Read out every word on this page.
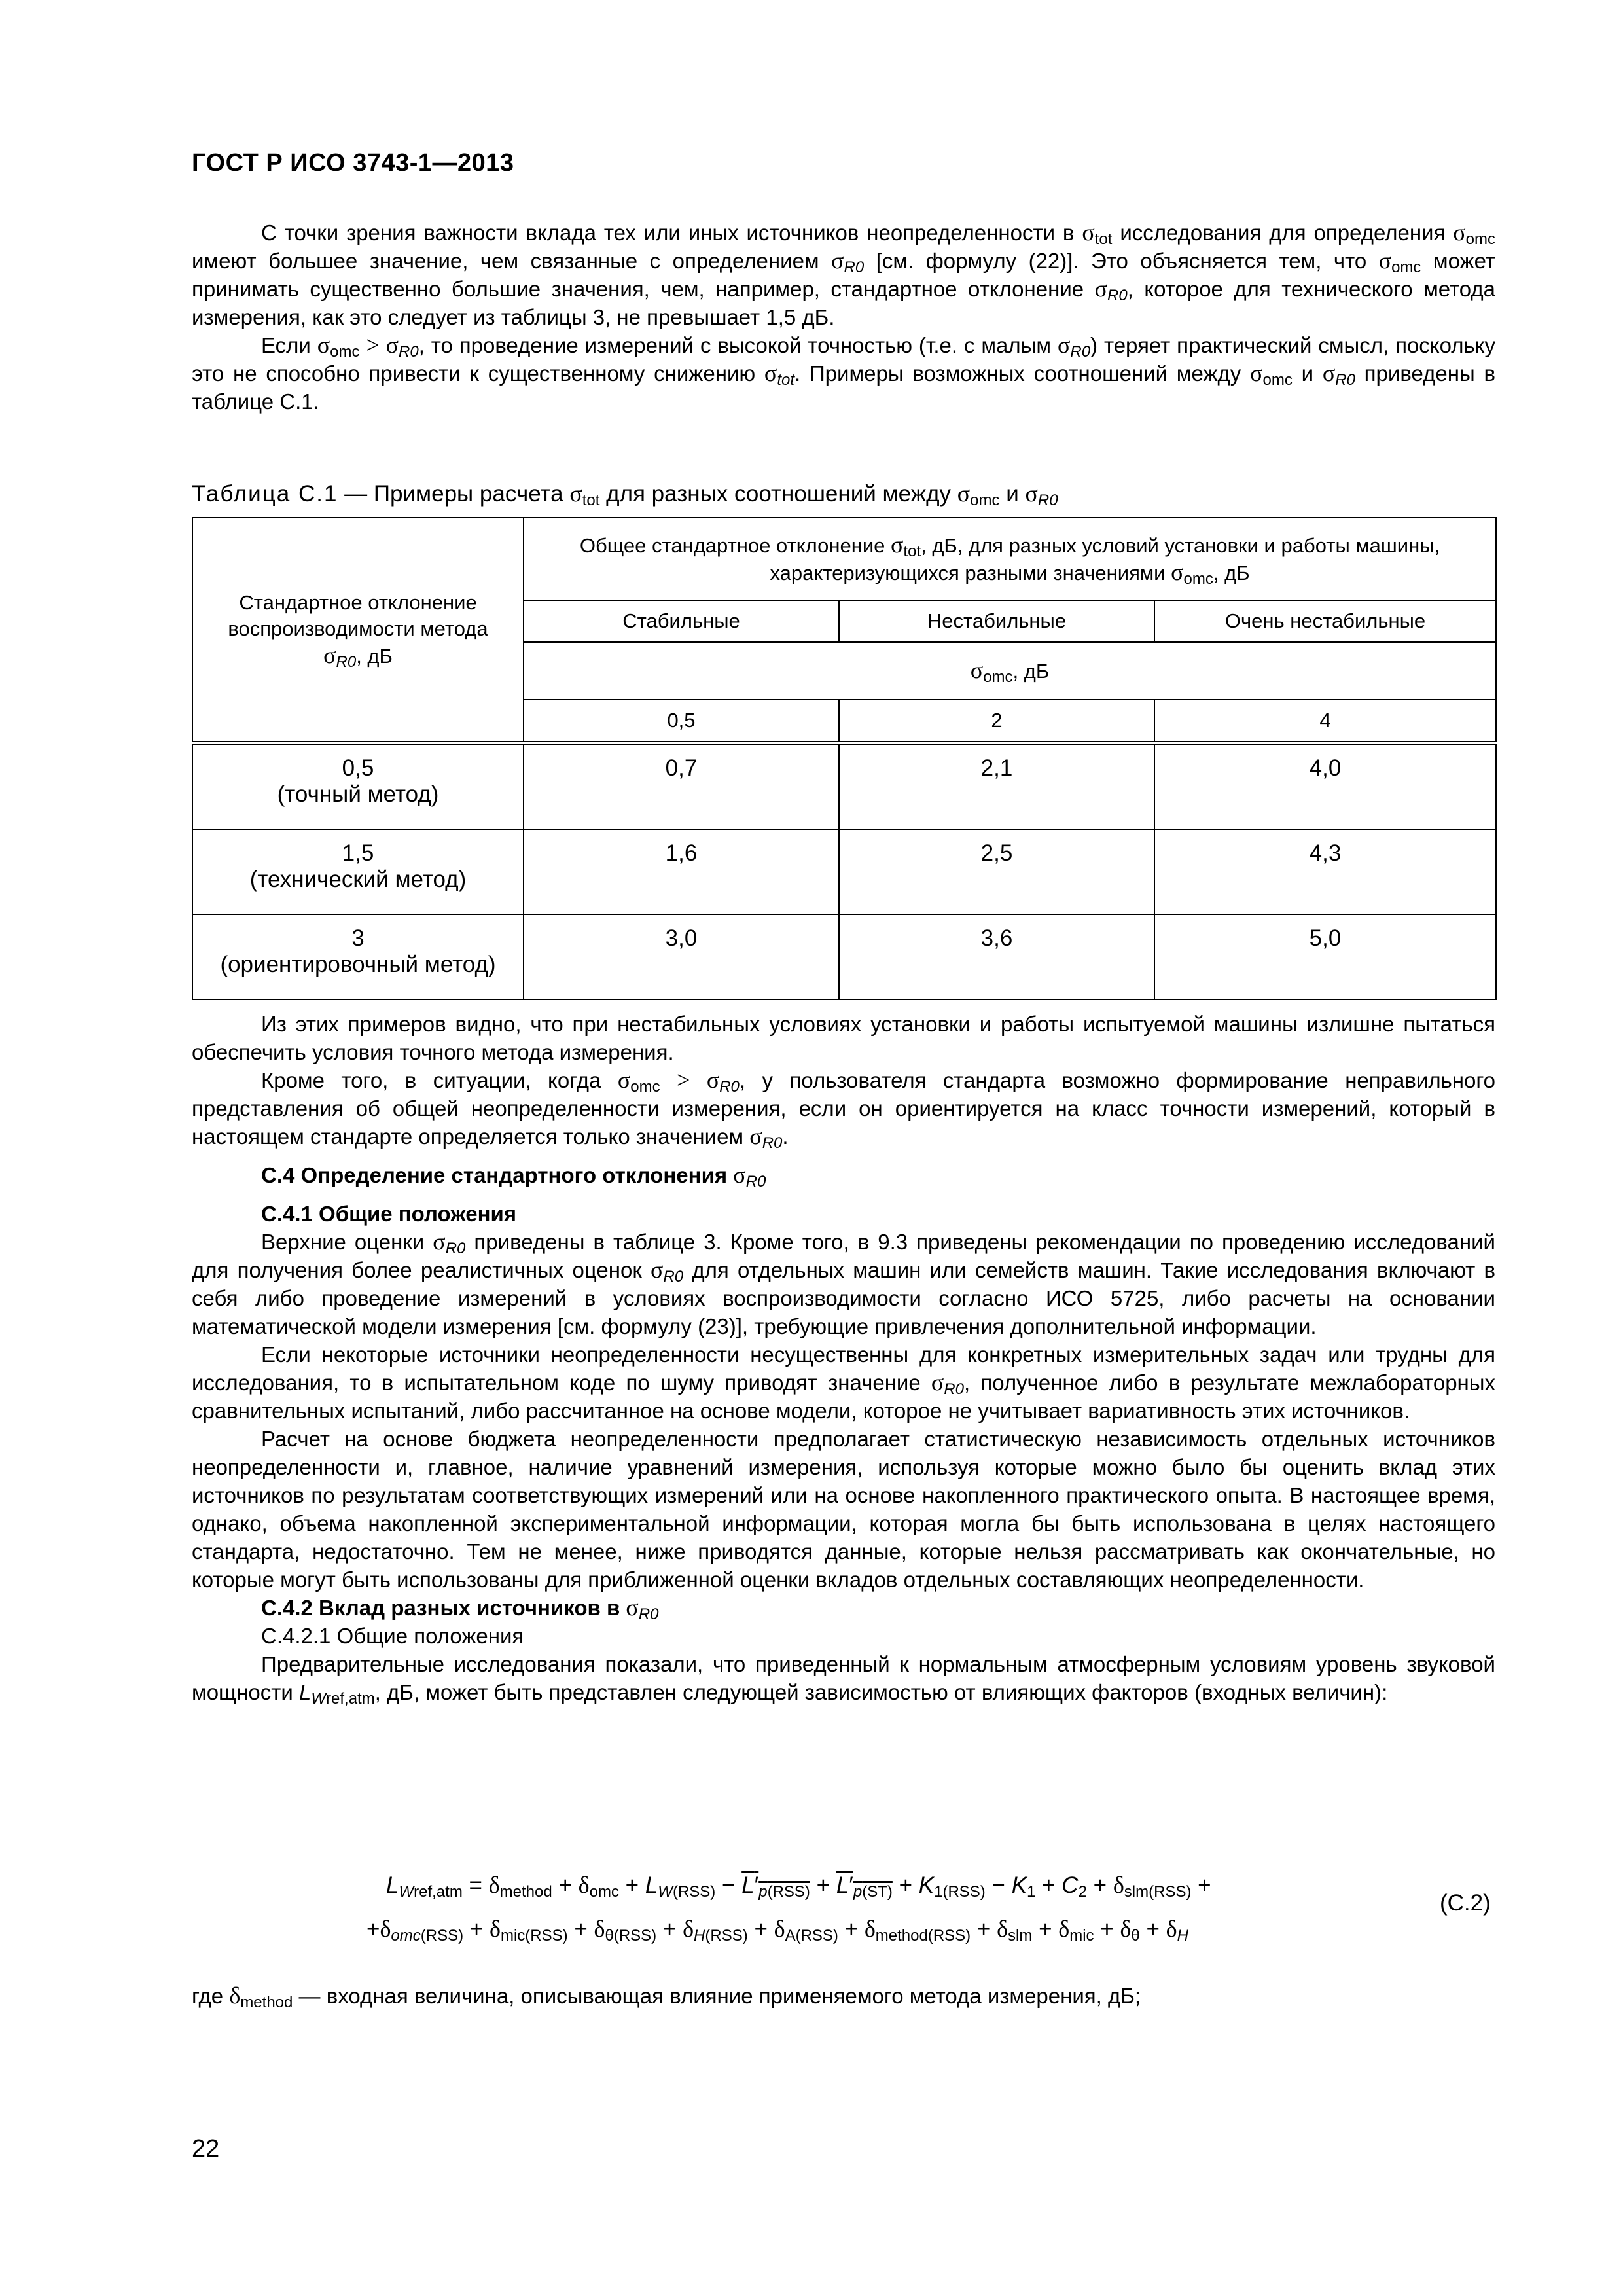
ГОСТ Р ИСО 3743-1—2013

С точки зрения важности вклада тех или иных источников неопределенности в $\sigma_{tot}$ исследования для определения $\sigma_{omc}$ имеют большее значение, чем связанные с определением $\sigma_{R0}$ [см. формулу (22)]. Это объясняется тем, что $\sigma_{omc}$ может принимать существенно большие значения, чем, например, стандартное отклонение $\sigma_{R0}$, которое для технического метода измерения, как это следует из таблицы 3, не превышает 1,5 дБ.

Если $\sigma_{omc} > \sigma_{R0}$, то проведение измерений с высокой точностью (т.е. с малым $\sigma_{R0}$) теряет практический смысл, поскольку это не способно привести к существенному снижению $\sigma_{tot}$. Примеры возможных соотношений между $\sigma_{omc}$ и $\sigma_{R0}$ приведены в таблице С.1.

Таблица С.1 — Примеры расчета $\sigma_{tot}$ для разных соотношений между $\sigma_{omc}$ и $\sigma_{R0}$
Стандартное отклонение воспроизводимости метода
$\sigma_{R0}$, дБ	Общее стандартное отклонение $\sigma_{tot}$, дБ, для разных условий установки и работы машины, характеризующихся разными значениями $\sigma_{omc}$, дБ		
	Стабильные	Нестабильные	Очень нестабильные
	$\sigma_{omc}$, дБ		
	0,5	2	4
0,5
(точный метод)	0,7	2,1	4,0
1,5
(технический метод)	1,6	2,5	4,3
3
(ориентировочный метод)	3,0	3,6	5,0

Из этих примеров видно, что при нестабильных условиях установки и работы испытуемой машины излишне пытаться обеспечить условия точного метода измерения.

Кроме того, в ситуации, когда $\sigma_{omc} > \sigma_{R0}$, у пользователя стандарта возможно формирование неправильного представления об общей неопределенности измерения, если он ориентируется на класс точности измерений, который в настоящем стандарте определяется только значением $\sigma_{R0}$.

С.4 Определение стандартного отклонения $\sigma_{R0}$

С.4.1 Общие положения

Верхние оценки $\sigma_{R0}$ приведены в таблице 3. Кроме того, в 9.3 приведены рекомендации по проведению исследований для получения более реалистичных оценок $\sigma_{R0}$ для отдельных машин или семейств машин. Такие исследования включают в себя либо проведение измерений в условиях воспроизводимости согласно ИСО 5725, либо расчеты на основании математической модели измерения [см. формулу (23)], требующие привлечения дополнительной информации.

Если некоторые источники неопределенности несущественны для конкретных измерительных задач или трудны для исследования, то в испытательном коде по шуму приводят значение $\sigma_{R0}$, полученное либо в результате межлабораторных сравнительных испытаний, либо рассчитанное на основе модели, которое не учитывает вариативность этих источников.

Расчет на основе бюджета неопределенности предполагает статистическую независимость отдельных источников неопределенности и, главное, наличие уравнений измерения, используя которые можно было бы оценить вклад этих источников по результатам соответствующих измерений или на основе накопленного практического опыта. В настоящее время, однако, объема накопленной экспериментальной информации, которая могла бы быть использована в целях настоящего стандарта, недостаточно. Тем не менее, ниже приводятся данные, которые нельзя рассматривать как окончательные, но которые могут быть использованы для приближенной оценки вкладов отдельных составляющих неопределенности.

С.4.2 Вклад разных источников в $\sigma_{R0}$

С.4.2.1 Общие положения

Предварительные исследования показали, что приведенный к нормальным атмосферным условиям уровень звуковой мощности $L_{Wref,atm}$, дБ, может быть представлен следующей зависимостью от влияющих факторов (входных величин):

$L_{Wref,atm} = \delta_{method} + \delta_{omc} + L_{W(RSS)} - L'_{p(RSS)} + L'_{p(ST)} + K_{1(RSS)} - K_1 + C_2 + \delta_{slm(RSS)}$ +
$+\delta_{omc(RSS)} + \delta_{mic(RSS)} + \delta_{\theta(RSS)} + \delta_{H(RSS)} + \delta_{A(RSS)} + \delta_{method(RSS)} + \delta_{slm} + \delta_{mic} + \delta_\theta + \delta_H$
(С.2)
где $\delta_{method}$ — входная величина, описывающая влияние применяемого метода измерения, дБ;
22
